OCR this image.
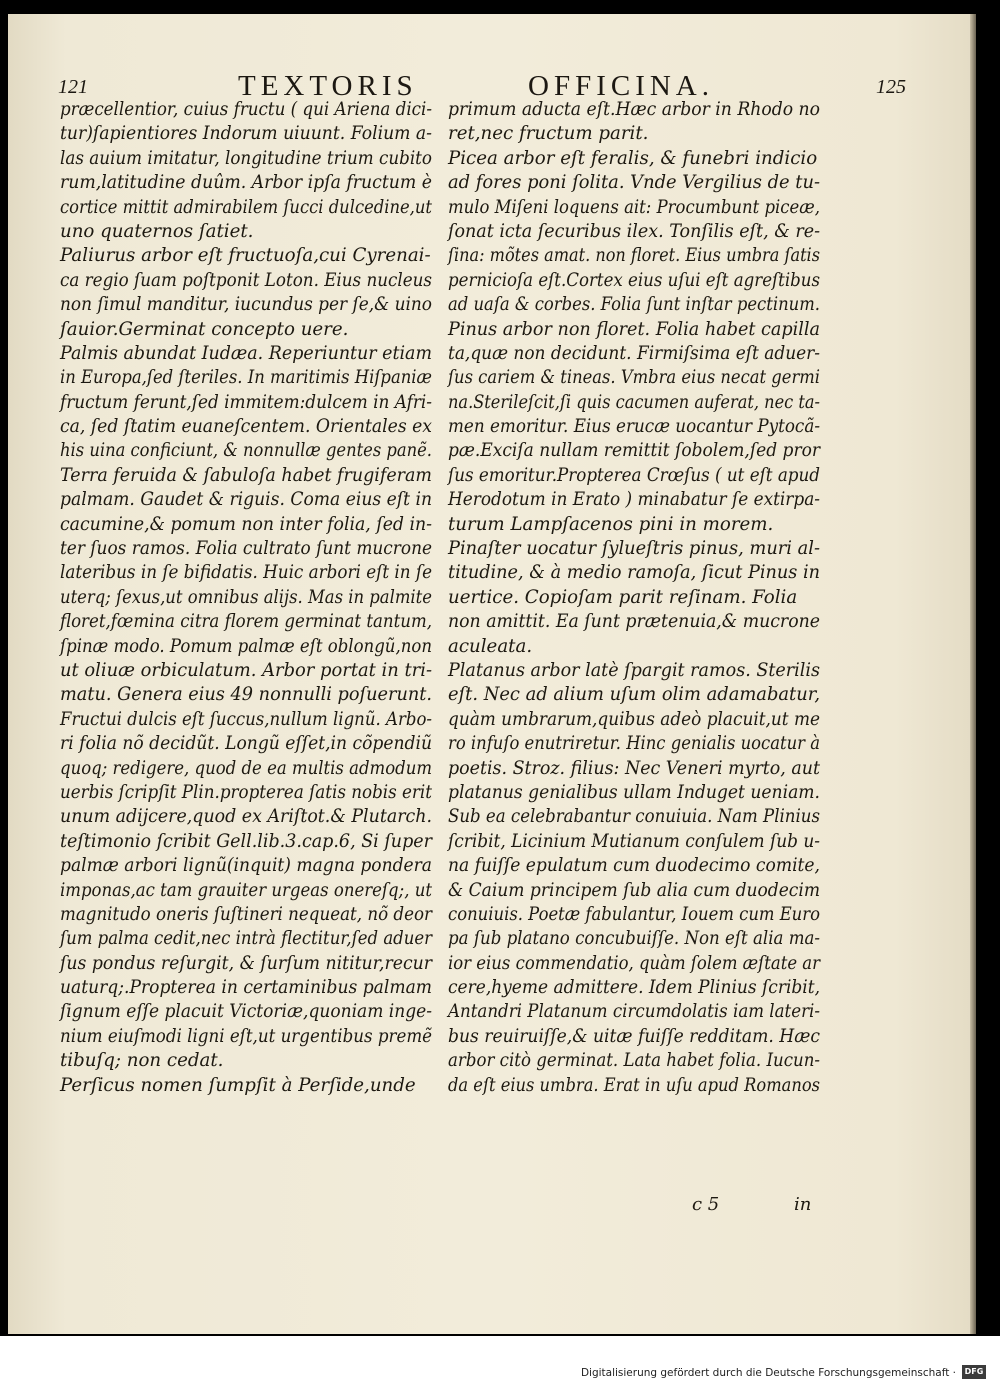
121	TEXTORIS	OFFICINA.	125
præcellentior, cuius fructu ( qui Ariena dici-
tur)ſapientiores Indorum uiuunt. Folium a-
las auium imitatur, longitudine trium cubito
rum,latitudine duûm. Arbor ipſa fructum è
cortice mittit admirabilem ſucci dulcedine,ut
uno quaternos ſatiet.
Paliurus arbor eſt fructuoſa,cui Cyrenai-
ca regio ſuam poſtponit Loton. Eius nucleus
non ſimul manditur, iucundus per ſe,& uino
ſauior.Germinat concepto uere.
Palmis abundat Iudæa. Reperiuntur etiam
in Europa,ſed ſteriles. In maritimis Hiſpaniæ
fructum ferunt,ſed immitem:dulcem in Afri-
ca, ſed ſtatim euaneſcentem. Orientales ex
his uina conficiunt, & nonnullæ gentes panẽ.
Terra feruida & ſabuloſa habet frugiferam
palmam. Gaudet & riguis. Coma eius eſt in
cacumine,& pomum non inter folia, ſed in-
ter ſuos ramos. Folia cultrato ſunt mucrone
lateribus in ſe bifidatis. Huic arbori eſt in ſe
uterq; ſexus,ut omnibus alijs. Mas in palmite
floret,fœmina citra florem germinat tantum,
ſpinæ modo. Pomum palmæ eſt oblongũ,non
ut oliuæ orbiculatum. Arbor portat in tri-
matu. Genera eius 49 nonnulli poſuerunt.
Fructui dulcis eſt ſuccus,nullum lignũ. Arbo-
ri folia nõ decidũt. Longũ eſſet,in cõpendiũ
quoq; redigere, quod de ea multis admodum
uerbis ſcripſit Plin.propterea ſatis nobis erit
unum adijcere,quod ex Ariſtot.& Plutarch.
teſtimonio ſcribit Gell.lib.3.cap.6, Si ſuper
palmæ arbori lignũ(inquit) magna pondera
imponas,ac tam grauiter urgeas onereſq;, ut
magnitudo oneris ſuſtineri nequeat, nõ deor
ſum palma cedit,nec intrà flectitur,ſed aduer
ſus pondus reſurgit, & ſurſum nititur,recur
uaturq;.Propterea in certaminibus palmam
ſignum eſſe placuit Victoriæ,quoniam inge-
nium eiuſmodi ligni eſt,ut urgentibus premẽ
tibuſq; non cedat.
Perſicus nomen ſumpſit à Perſide,unde
primum aducta eſt.Hæc arbor in Rhodo no
ret,nec fructum parit.
Picea arbor eſt feralis, & funebri indicio
ad fores poni ſolita. Vnde Vergilius de tu-
mulo Miſeni loquens ait: Procumbunt piceæ,
ſonat icta ſecuribus ilex. Tonſilis eſt, & re-
ſina: mõtes amat. non floret. Eius umbra ſatis
pernicioſa eſt.Cortex eius uſui eſt agreſtibus
ad uaſa & corbes. Folia ſunt inſtar pectinum.
Pinus arbor non floret. Folia habet capilla
ta,quæ non decidunt. Firmiſsima eſt aduer-
ſus cariem & tineas. Vmbra eius necat germi
na.Sterileſcit,ſi quis cacumen auferat, nec ta-
men emoritur. Eius erucæ uocantur Pytocã-
pæ.Exciſa nullam remittit ſobolem,ſed pror
ſus emoritur.Propterea Crœſus ( ut eſt apud
Herodotum in Erato ) minabatur ſe extirpa-
turum Lampſacenos pini in morem.
Pinaſter uocatur ſylueſtris pinus, muri al-
titudine, & à medio ramoſa, ſicut Pinus in
uertice. Copioſam parit reſinam. Folia
non amittit. Ea ſunt prætenuia,& mucrone
aculeata.
Platanus arbor latè ſpargit ramos. Sterilis
eſt. Nec ad alium uſum olim adamabatur,
quàm umbrarum,quibus adeò placuit,ut me
ro infuſo enutriretur. Hinc genialis uocatur à
poetis. Stroz. filius: Nec Veneri myrto, aut
platanus genialibus ullam Induget ueniam.
Sub ea celebrabantur conuiuia. Nam Plinius
ſcribit, Licinium Mutianum conſulem ſub u-
na fuiſſe epulatum cum duodecimo comite,
& Caium principem ſub alia cum duodecim
conuiuis. Poetæ fabulantur, Iouem cum Euro
pa ſub platano concubuiſſe. Non eſt alia ma-
ior eius commendatio, quàm ſolem æſtate ar
cere,hyeme admittere. Idem Plinius ſcribit,
Antandri Platanum circumdolatis iam lateri-
bus reuiruiſſe,& uitæ fuiſſe redditam. Hæc
arbor citò germinat. Lata habet folia. Iucun-
da eſt eius umbra. Erat in uſu apud Romanos
c 5	in
Digitalisierung gefördert durch die Deutsche Forschungsgemeinschaft ·	DFG
